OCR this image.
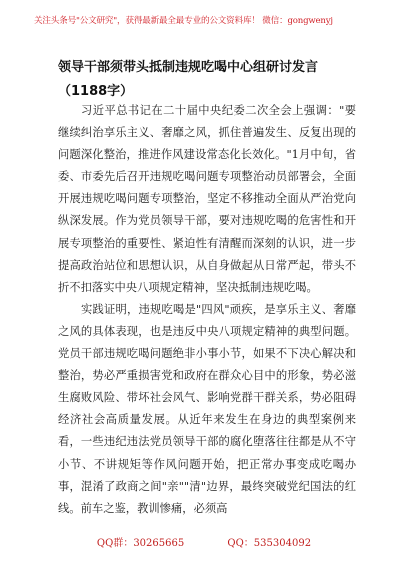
关注头条号"公文研究"，获得最新最全最专业的公文资料库！ 微信：gongwenyj
领导干部须带头抵制违规吃喝中心组研讨发言（1188字）

习近平总书记在二十届中央纪委二次全会上强调："要继续纠治享乐主义、奢靡之风，抓住普遍发生、反复出现的问题深化整治，推进作风建设常态化长效化。"1月中旬，省委、市委先后召开违规吃喝问题专项整治动员部署会，全面开展违规吃喝问题专项整治，坚定不移推动全面从严治党向纵深发展。作为党员领导干部，要对违规吃喝的危害性和开展专项整治的重要性、紧迫性有清醒而深刻的认识，进一步提高政治站位和思想认识，从自身做起从日常严起，带头不折不扣落实中央八项规定精神，坚决抵制违规吃喝。

实践证明，违规吃喝是"四风"顽疾，是享乐主义、奢靡之风的具体表现，也是违反中央八项规定精神的典型问题。党员干部违规吃喝问题绝非小事小节，如果不下决心解决和整治，势必严重损害党和政府在群众心目中的形象，势必滋生腐败风险、带坏社会风气、影响党群干群关系，势必阻碍经济社会高质量发展。从近年来发生在身边的典型案例来看，一些违纪违法党员领导干部的腐化堕落往往都是从不守小节、不讲规矩等作风问题开始，把正常办事变成吃喝办事，混淆了政商之间"亲""清"边界，最终突破党纪国法的红线。前车之鉴，教训惨痛，必须高

QQ群：30265665	QQ：535304092
